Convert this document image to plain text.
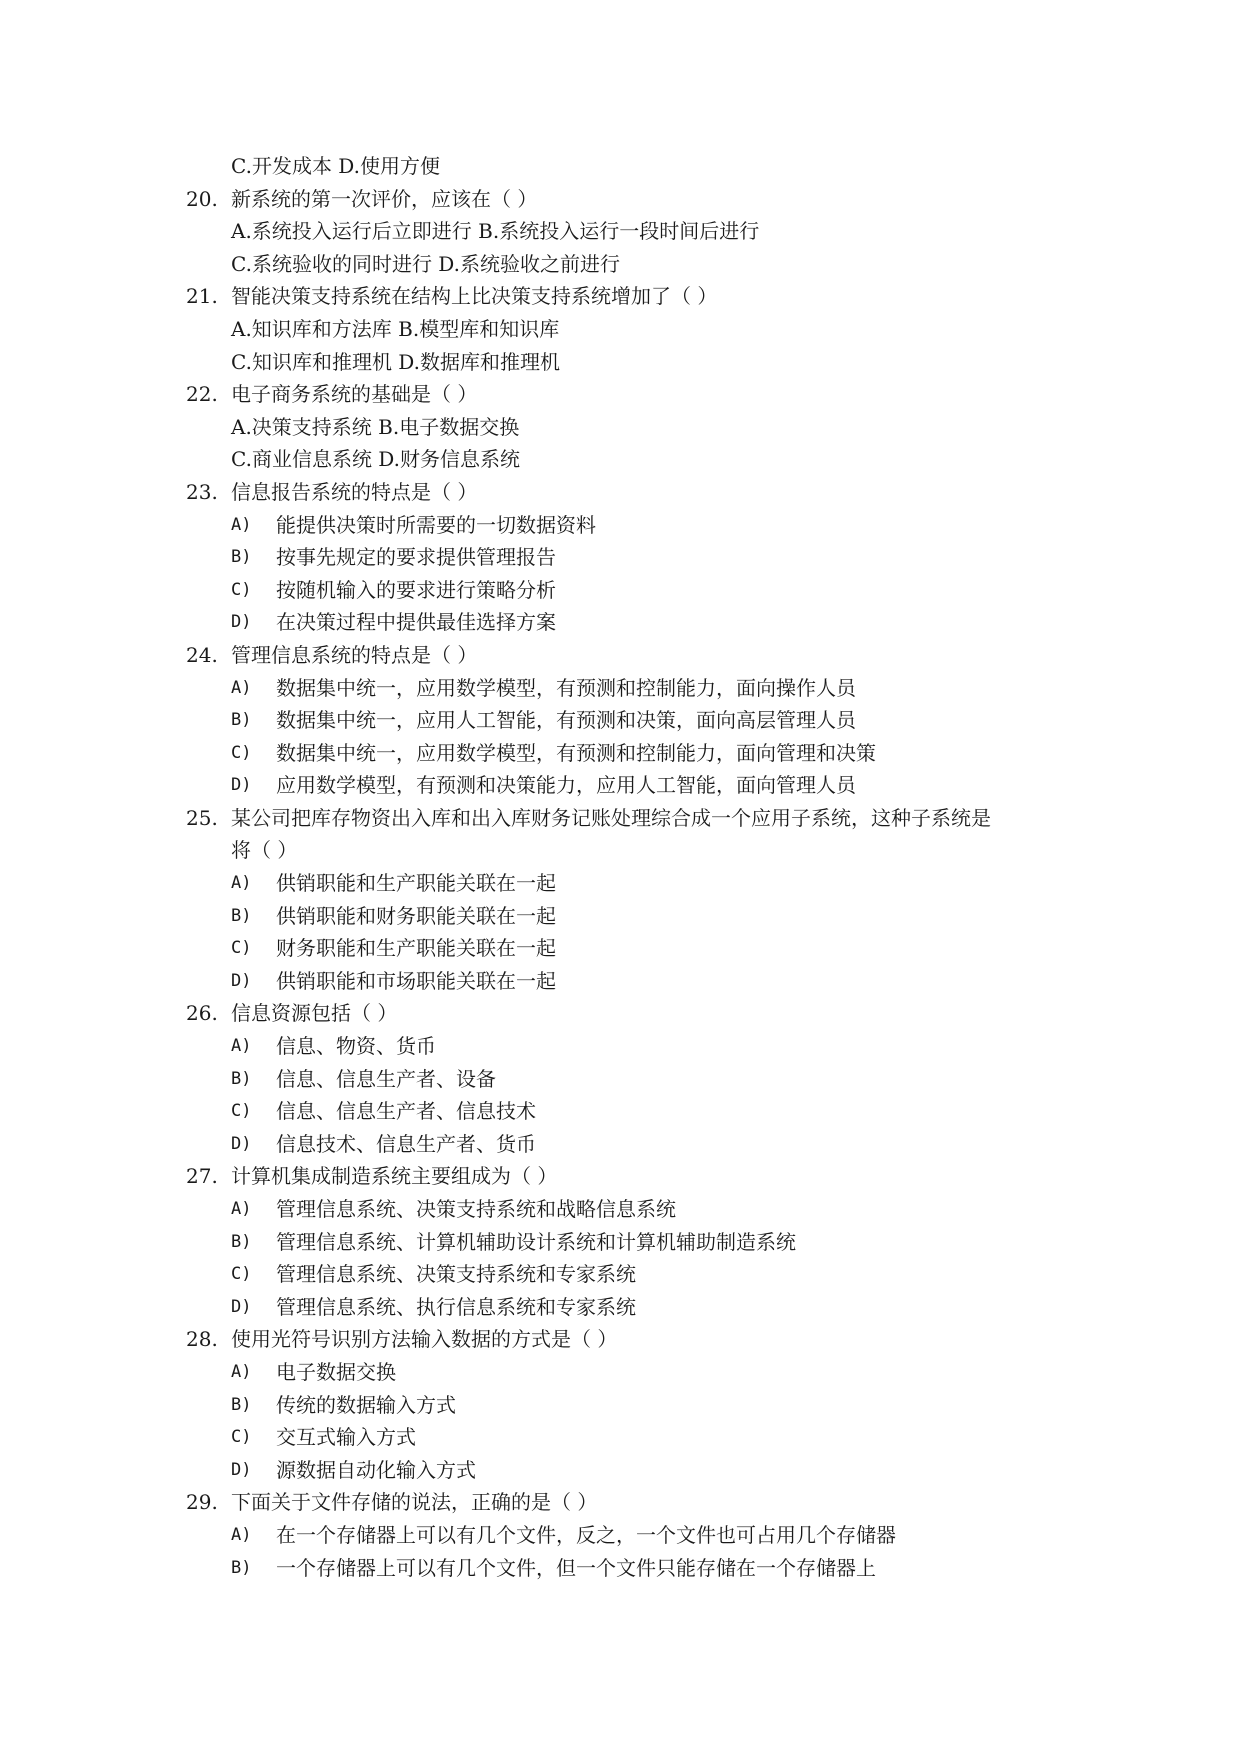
C.开发成本 D.使用方便
20. 新系统的第一次评价，应该在（ ）
A.系统投入运行后立即进行 B.系统投入运行一段时间后进行
C.系统验收的同时进行 D.系统验收之前进行
21. 智能决策支持系统在结构上比决策支持系统增加了（ ）
A.知识库和方法库 B.模型库和知识库
C.知识库和推理机 D.数据库和推理机
22. 电子商务系统的基础是（ ）
A.决策支持系统 B.电子数据交换
C.商业信息系统 D.财务信息系统
23. 信息报告系统的特点是（ ）
A) 能提供决策时所需要的一切数据资料
B) 按事先规定的要求提供管理报告
C) 按随机输入的要求进行策略分析
D) 在决策过程中提供最佳选择方案
24. 管理信息系统的特点是（ ）
A) 数据集中统一，应用数学模型，有预测和控制能力，面向操作人员
B) 数据集中统一，应用人工智能，有预测和决策，面向高层管理人员
C) 数据集中统一，应用数学模型，有预测和控制能力，面向管理和决策
D) 应用数学模型，有预测和决策能力，应用人工智能，面向管理人员
25. 某公司把库存物资出入库和出入库财务记账处理综合成一个应用子系统，这种子系统是
将（ ）
A) 供销职能和生产职能关联在一起
B) 供销职能和财务职能关联在一起
C) 财务职能和生产职能关联在一起
D) 供销职能和市场职能关联在一起
26. 信息资源包括（ ）
A) 信息、物资、货币
B) 信息、信息生产者、设备
C) 信息、信息生产者、信息技术
D) 信息技术、信息生产者、货币
27. 计算机集成制造系统主要组成为（ ）
A) 管理信息系统、决策支持系统和战略信息系统
B) 管理信息系统、计算机辅助设计系统和计算机辅助制造系统
C) 管理信息系统、决策支持系统和专家系统
D) 管理信息系统、执行信息系统和专家系统
28. 使用光符号识别方法输入数据的方式是（ ）
A) 电子数据交换
B) 传统的数据输入方式
C) 交互式输入方式
D) 源数据自动化输入方式
29. 下面关于文件存储的说法，正确的是（ ）
A) 在一个存储器上可以有几个文件，反之，一个文件也可占用几个存储器
B) 一个存储器上可以有几个文件，但一个文件只能存储在一个存储器上
